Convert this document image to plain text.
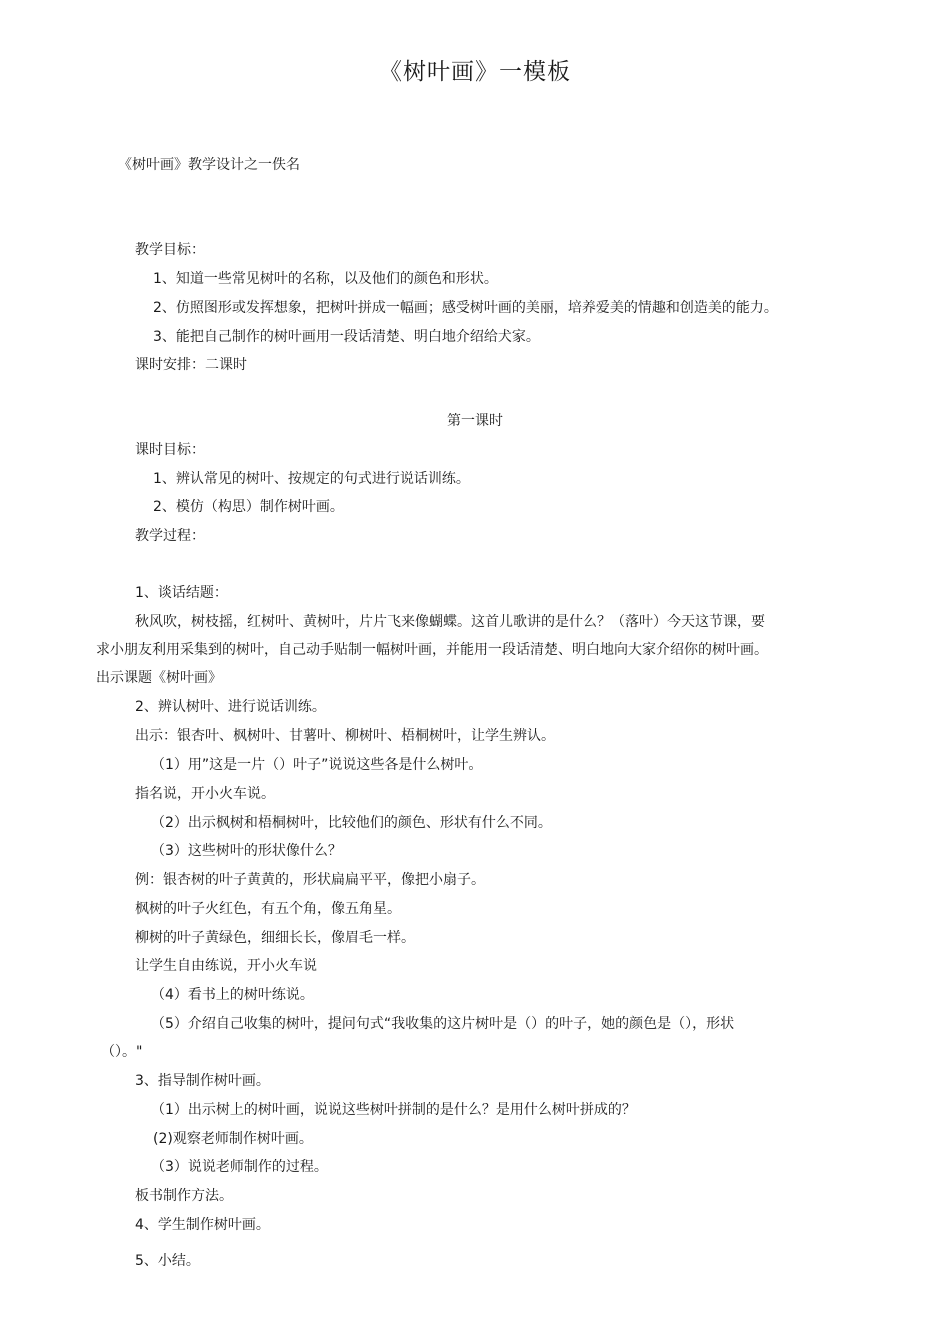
《树叶画》一模板

《树叶画》教学设计之一佚名

教学目标：

1、知道一些常见树叶的名称，以及他们的颜色和形状。

2、仿照图形或发挥想象，把树叶拼成一幅画；感受树叶画的美丽，培养爱美的情趣和创造美的能力。

3、能把自己制作的树叶画用一段话清楚、明白地介绍给犬家。

课时安排：二课时

第一课时

课时目标：

1、辨认常见的树叶、按规定的句式进行说话训练。

2、模仿（构思）制作树叶画。

教学过程：

1、谈话结题：

秋风吹，树枝摇，红树叶、黄树叶，片片飞来像蝴蝶。这首儿歌讲的是什么？（落叶）今天这节课，要

求小朋友利用采集到的树叶，自己动手贴制一幅树叶画，并能用一段话清楚、明白地向大家介绍你的树叶画。

出示课题《树叶画》

2、辨认树叶、进行说话训练。

出示：银杏叶、枫树叶、甘薯叶、柳树叶、梧桐树叶，让学生辨认。

（1）用”这是一片（）叶子”说说这些各是什么树叶。

指名说，开小火车说。

（2）出示枫树和梧桐树叶，比较他们的颜色、形状有什么不同。

（3）这些树叶的形状像什么？

例：银杏树的叶子黄黄的，形状扁扁平平，像把小扇子。

枫树的叶子火红色，有五个角，像五角星。

柳树的叶子黄绿色，细细长长，像眉毛一样。

让学生自由练说，开小火车说

（4）看书上的树叶练说。

（5）介绍自己收集的树叶，提问句式“我收集的这片树叶是（）的叶子，她的颜色是（），形状

（）。"

3、指导制作树叶画。

（1）出示树上的树叶画，说说这些树叶拼制的是什么？是用什么树叶拼成的？

(2)观察老师制作树叶画。

（3）说说老师制作的过程。

板书制作方法。

4、学生制作树叶画。

5、小结。
